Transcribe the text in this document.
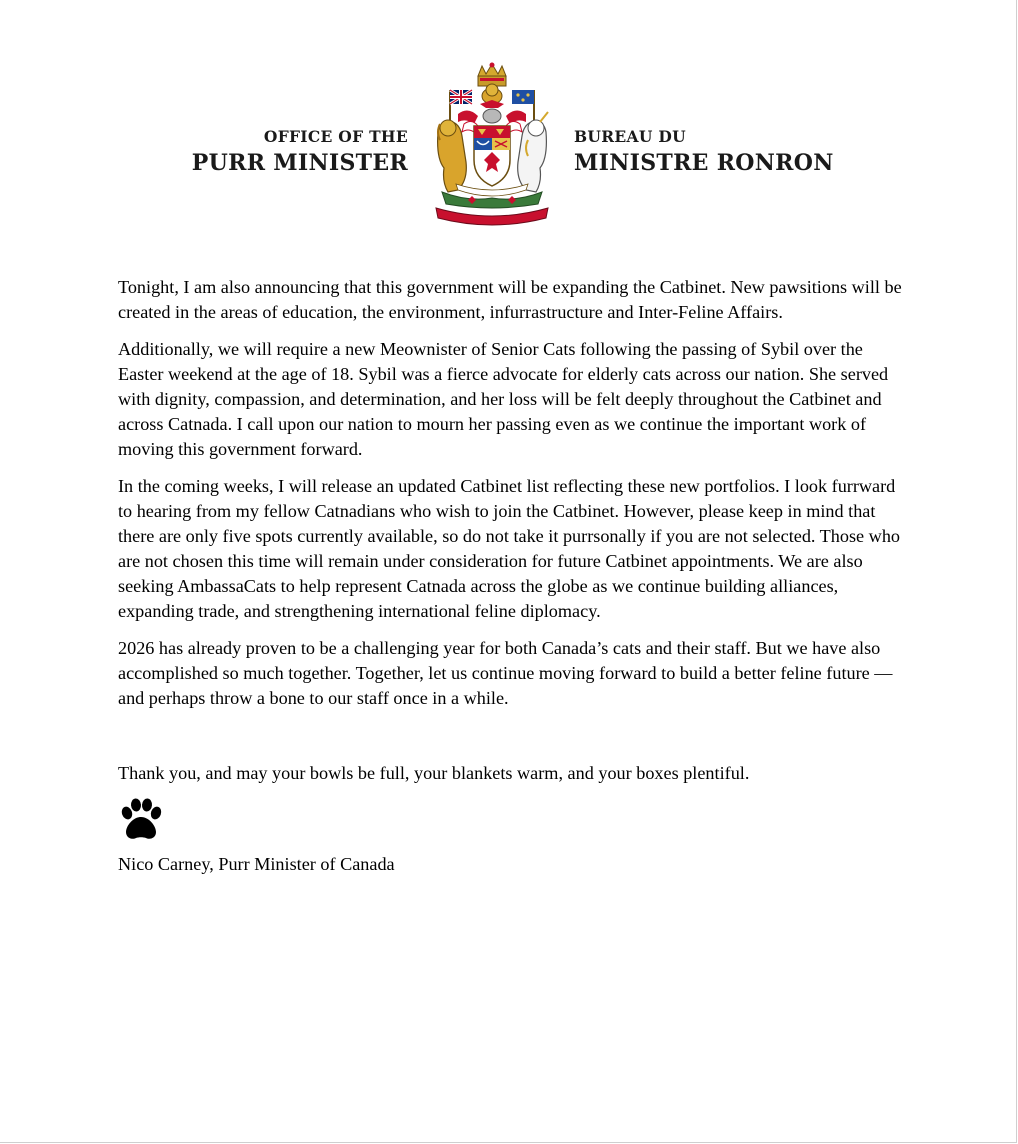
OFFICE OF THE
PURR MINISTER
BUREAU DU
MINISTRE RONRON

Tonight, I am also announcing that this government will be expanding the Catbinet. New pawsitions will be created in the areas of education, the environment, infurrastructure and Inter-Feline Affairs.

Additionally, we will require a new Meownister of Senior Cats following the passing of Sybil over the Easter weekend at the age of 18. Sybil was a fierce advocate for elderly cats across our nation. She served with dignity, compassion, and determination, and her loss will be felt deeply throughout the Catbinet and across Catnada. I call upon our nation to mourn her passing even as we continue the important work of moving this government forward.

In the coming weeks, I will release an updated Catbinet list reflecting these new portfolios. I look furrward to hearing from my fellow Catnadians who wish to join the Catbinet. However, please keep in mind that there are only five spots currently available, so do not take it purrsonally if you are not selected. Those who are not chosen this time will remain under consideration for future Catbinet appointments. We are also seeking AmbassaCats to help represent Catnada across the globe as we continue building alliances, expanding trade, and strengthening international feline diplomacy.

2026 has already proven to be a challenging year for both Canada’s cats and their staff. But we have also accomplished so much together. Together, let us continue moving forward to build a better feline future — and perhaps throw a bone to our staff once in a while.

Thank you, and may your bowls be full, your blankets warm, and your boxes plentiful.

Nico Carney, Purr Minister of Canada
